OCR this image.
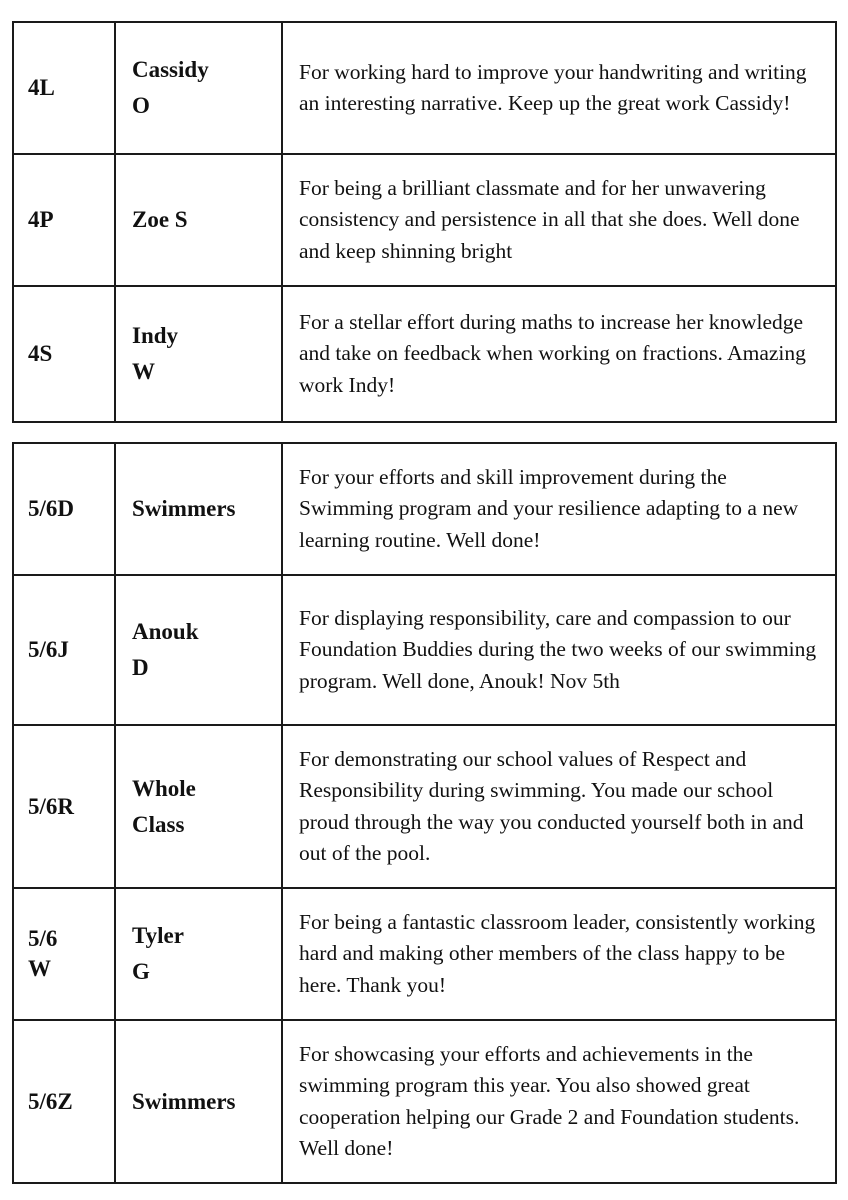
4L	Cassidy O	For working hard to improve your handwriting and writing an interesting narrative. Keep up the great work Cassidy!
4P	Zoe S	For being a brilliant classmate and for her unwavering consistency and persistence in all that she does. Well done and keep shinning bright
4S	Indy W	For a stellar effort during maths to increase her knowledge and take on feedback when working on fractions. Amazing work Indy!
5/6D	Swimmers	For your efforts and skill improvement during the Swimming program and your resilience adapting to a new learning routine. Well done!
5/6J	Anouk D	For displaying responsibility, care and compassion to our Foundation Buddies during the two weeks of our swimming program. Well done, Anouk! Nov 5th
5/6R	Whole Class	For demonstrating our school values of Respect and Responsibility during swimming. You made our school proud through the way you conducted yourself both in and out of the pool.

5/6 W	Tyler G	For being a fantastic classroom leader, consistently working hard and making other members of the class happy to be here. Thank you!
5/6Z	Swimmers	For showcasing your efforts and achievements in the swimming program this year. You also showed great cooperation helping our Grade 2 and Foundation students. Well done!
